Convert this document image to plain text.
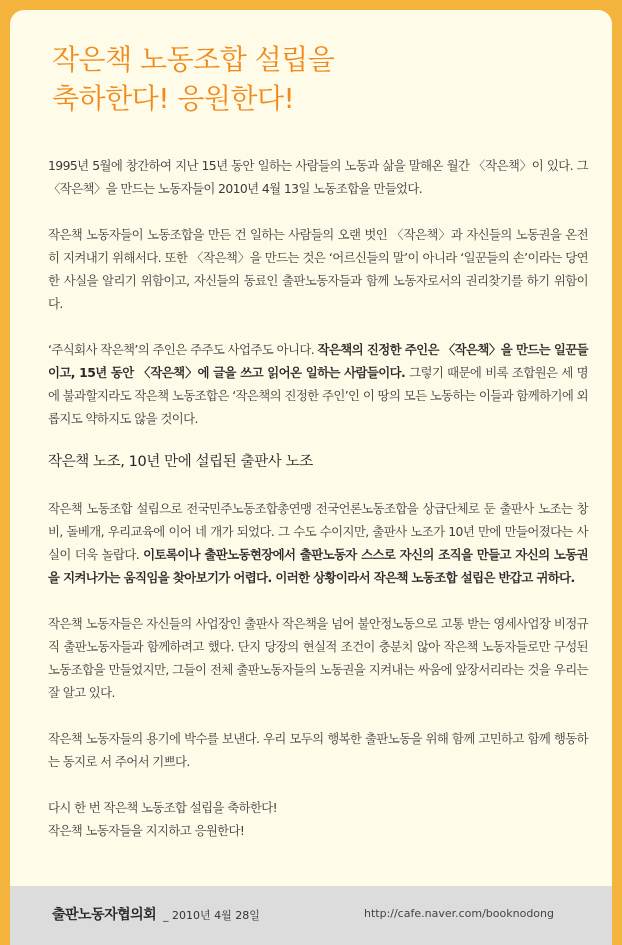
작은책 노동조합 설립을
축하한다! 응원한다!

1995년 5월에 창간하여 지난 15년 동안 일하는 사람들의 노동과 삶을 말해온 월간 〈작은책〉이 있다. 그 〈작은책〉을 만드는 노동자들이 2010년 4월 13일 노동조합을 만들었다.

작은책 노동자들이 노동조합을 만든 건 일하는 사람들의 오랜 벗인 〈작은책〉과 자신들의 노동권을 온전히 지켜내기 위해서다. 또한 〈작은책〉을 만드는 것은 ‘어르신들의 말’이 아니라 ‘일꾼들의 손’이라는 당연한 사실을 알리기 위함이고, 자신들의 동료인 출판노동자들과 함께 노동자로서의 권리찾기를 하기 위함이다.

‘주식회사 작은책’의 주인은 주주도 사업주도 아니다. 작은책의 진정한 주인은 〈작은책〉을 만드는 일꾼들이고, 15년 동안 〈작은책〉에 글을 쓰고 읽어온 일하는 사람들이다. 그렇기 때문에 비록 조합원은 세 명에 불과할지라도 작은책 노동조합은 ‘작은책의 진정한 주인’인 이 땅의 모든 노동하는 이들과 함께하기에 외롭지도 약하지도 않을 것이다.

작은책 노조, 10년 만에 설립된 출판사 노조

작은책 노동조합 설립으로 전국민주노동조합총연맹 전국언론노동조합을 상급단체로 둔 출판사 노조는 창비, 돌베개, 우리교육에 이어 네 개가 되었다. 그 수도 수이지만, 출판사 노조가 10년 만에 만들어졌다는 사실이 더욱 놀랍다. 이토록이나 출판노동현장에서 출판노동자 스스로 자신의 조직을 만들고 자신의 노동권을 지켜나가는 움직임을 찾아보기가 어렵다. 이러한 상황이라서 작은책 노동조합 설립은 반갑고 귀하다.

작은책 노동자들은 자신들의 사업장인 출판사 작은책을 넘어 불안정노동으로 고통 받는 영세사업장 비정규직 출판노동자들과 함께하려고 했다. 단지 당장의 현실적 조건이 충분치 않아 작은책 노동자들로만 구성된 노동조합을 만들었지만, 그들이 전체 출판노동자들의 노동권을 지켜내는 싸움에 앞장서리라는 것을 우리는 잘 알고 있다.

작은책 노동자들의 용기에 박수를 보낸다. 우리 모두의 행복한 출판노동을 위해 함께 고민하고 함께 행동하는 동지로 서 주어서 기쁘다.

다시 한 번 작은책 노동조합 설립을 축하한다!
작은책 노동자들을 지지하고 응원한다!

출판노동자협의회 _ 2010년 4월 28일	http://cafe.naver.com/booknodong
